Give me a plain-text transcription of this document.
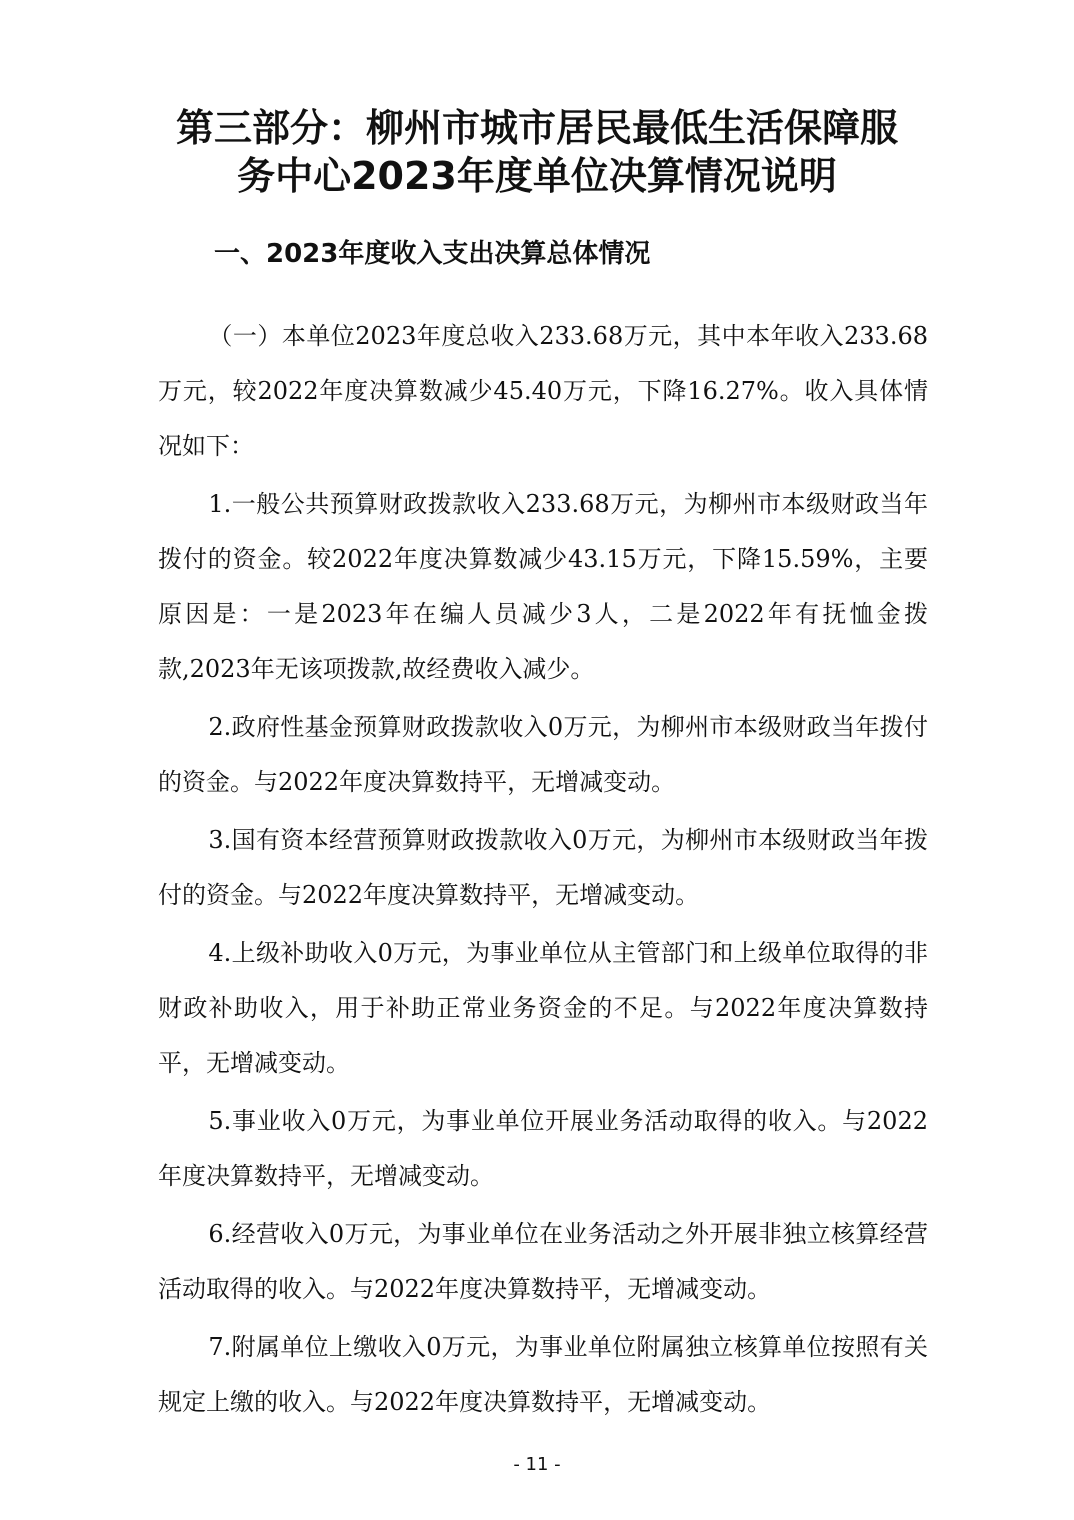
第三部分：柳州市城市居民最低生活保障服
务中心2023年度单位决算情况说明
一、2023年度收入支出决算总体情况

（一）本单位2023年度总收入233.68万元，其中本年收入233.68万元，较2022年度决算数减少45.40万元，下降16.27%。收入具体情况如下：

1.一般公共预算财政拨款收入233.68万元，为柳州市本级财政当年拨付的资金。较2022年度决算数减少43.15万元，下降15.59%，主要原因是：一是2023年在编人员减少3人，二是2022年有抚恤金拨款,2023年无该项拨款,故经费收入减少。

2.政府性基金预算财政拨款收入0万元，为柳州市本级财政当年拨付的资金。与2022年度决算数持平，无增减变动。

3.国有资本经营预算财政拨款收入0万元，为柳州市本级财政当年拨付的资金。与2022年度决算数持平，无增减变动。

4.上级补助收入0万元，为事业单位从主管部门和上级单位取得的非财政补助收入，用于补助正常业务资金的不足。与2022年度决算数持平，无增减变动。

5.事业收入0万元，为事业单位开展业务活动取得的收入。与2022年度决算数持平，无增减变动。

6.经营收入0万元，为事业单位在业务活动之外开展非独立核算经营活动取得的收入。与2022年度决算数持平，无增减变动。

7.附属单位上缴收入0万元，为事业单位附属独立核算单位按照有关规定上缴的收入。与2022年度决算数持平，无增减变动。

- 11 -
